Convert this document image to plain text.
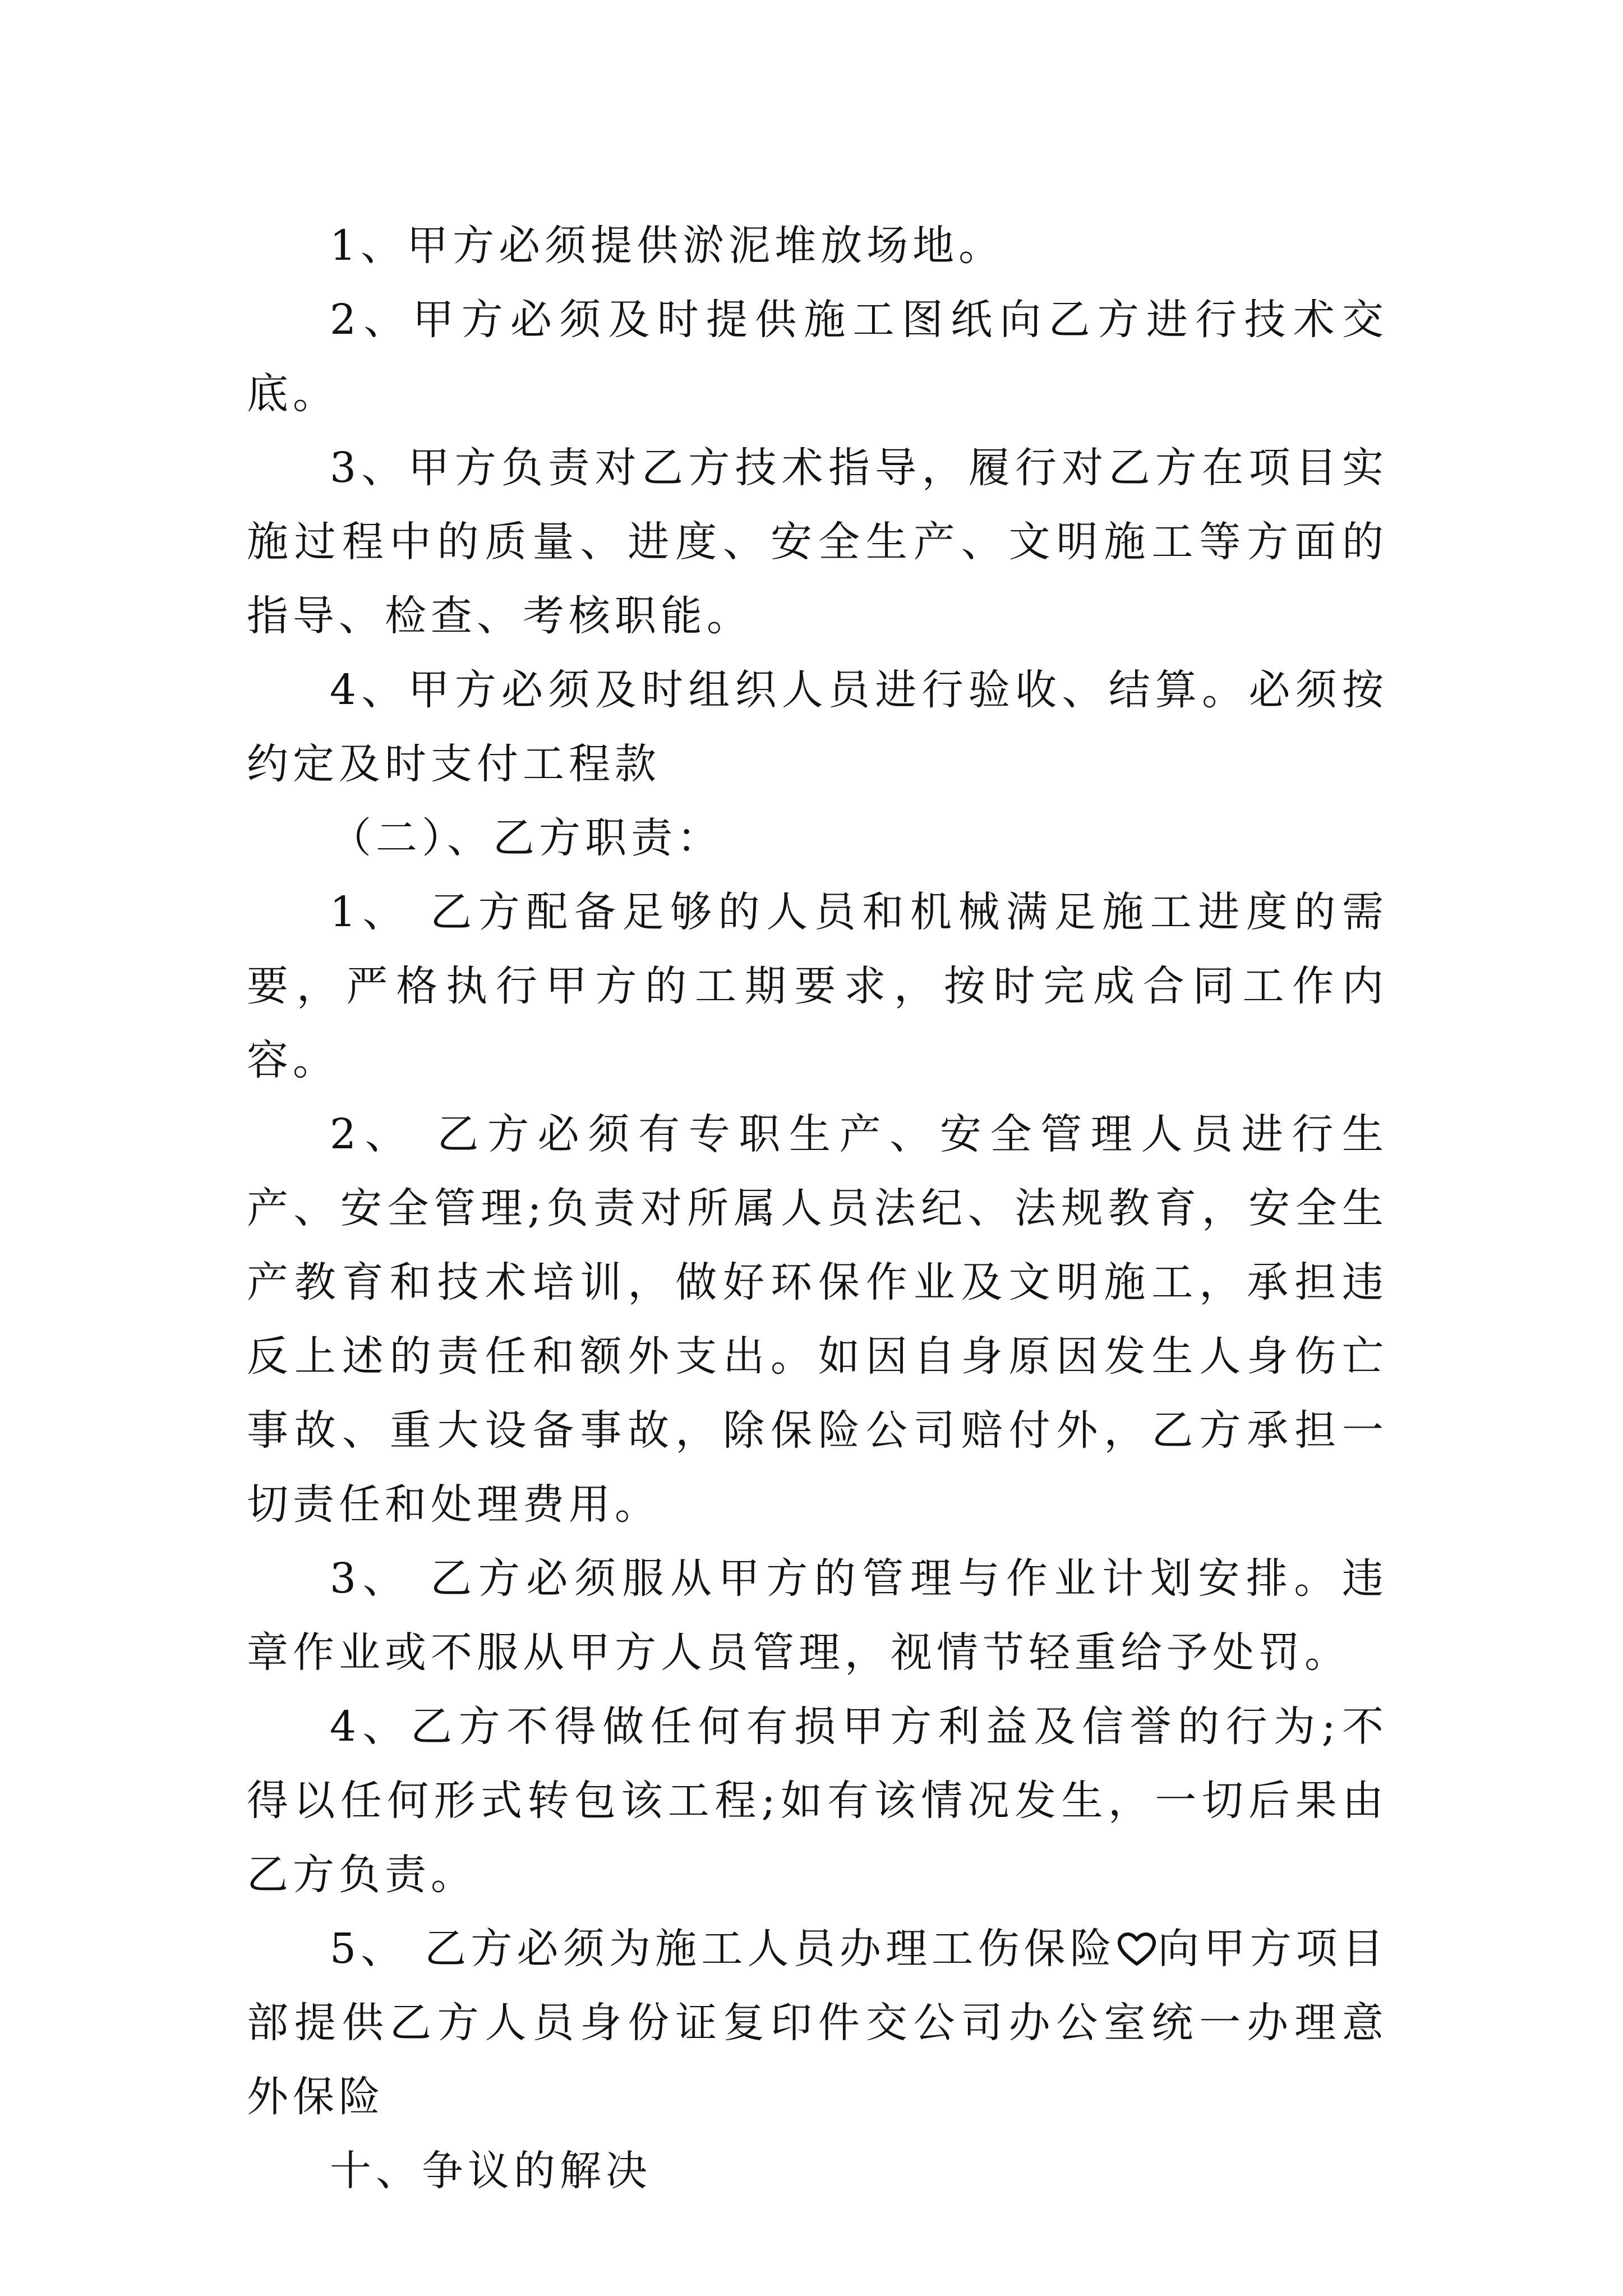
1、甲方必须提供淤泥堆放场地。

2、甲方必须及时提供施工图纸向乙方进行技术交底。

3、甲方负责对乙方技术指导，履行对乙方在项目实施过程中的质量、进度、安全生产、文明施工等方面的指导、检查、考核职能。

4、甲方必须及时组织人员进行验收、结算。必须按约定及时支付工程款

（二）、乙方职责：

1、 乙方配备足够的人员和机械满足施工进度的需要，严格执行甲方的工期要求，按时完成合同工作内容。

2、 乙方必须有专职生产、安全管理人员进行生产、安全管理;负责对所属人员法纪、法规教育，安全生产教育和技术培训，做好环保作业及文明施工，承担违反上述的责任和额外支出。如因自身原因发生人身伤亡事故、重大设备事故，除保险公司赔付外，乙方承担一切责任和处理费用。

3、 乙方必须服从甲方的管理与作业计划安排。违章作业或不服从甲方人员管理，视情节轻重给予处罚。

4、乙方不得做任何有损甲方利益及信誉的行为;不得以任何形式转包该工程;如有该情况发生，一切后果由乙方负责。

5、 乙方必须为施工人员办理工伤保险 向甲方项目部提供乙方人员身份证复印件交公司办公室统一办理意外保险

十、争议的解决
